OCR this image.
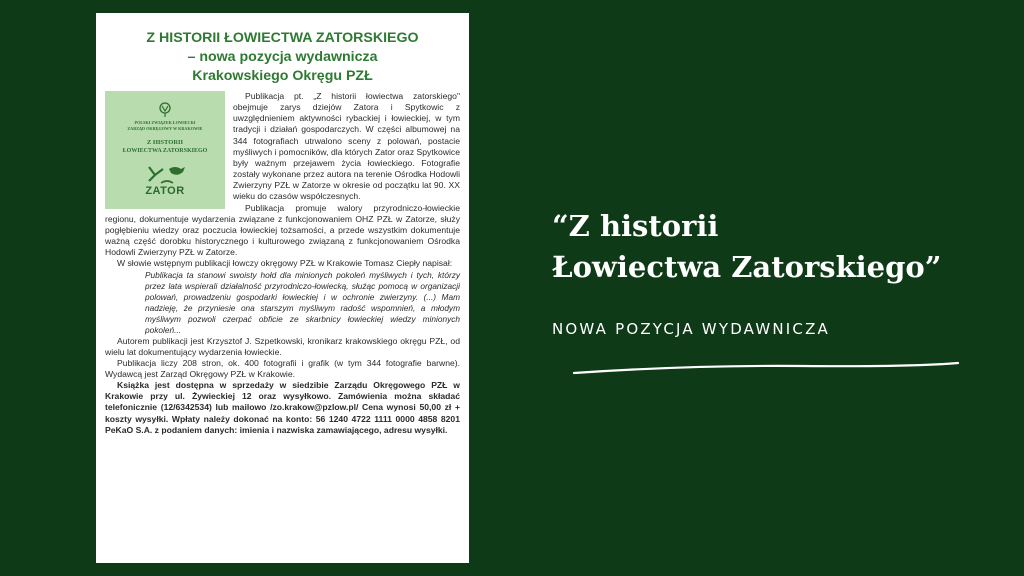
Z HISTORII ŁOWIECTWA ZATORSKIEGO
– nowa pozycja wydawnicza
Krakowskiego Okręgu PZŁ
POLSKI ZWIĄZEK ŁOWIECKI
ZARZĄD OKRĘGOWY W KRAKOWIE
Z HISTORII
ŁOWIECTWA ZATORSKIEGO
ZATOR

Publikacja pt. „Z historii łowiectwa zatorskiego" obejmuje zarys dziejów Zatora i Spytkowic z uwzględnieniem aktywności rybackiej i łowieckiej, w tym tradycji i działań gospodarczych. W części albumowej na 344 fotografiach utrwalono sceny z polowań, postacie myśliwych i pomocników, dla których Zator oraz Spytkowice były ważnym przejawem życia łowieckiego. Fotografie zostały wykonane przez autora na terenie Ośrodka Hodowli Zwierzyny PZŁ w Zatorze w okresie od początku lat 90. XX wieku do czasów współczesnych.

Publikacja promuje walory przyrodniczo-łowieckie regionu, dokumentuje wydarzenia związane z funkcjonowaniem OHZ PZŁ w Zatorze, służy pogłębieniu wiedzy oraz poczucia łowieckiej tożsamości, a przede wszystkim dokumentuje ważną część dorobku historycznego i kulturowego związaną z funkcjonowaniem Ośrodka Hodowli Zwierzyny PZŁ w Zatorze.

W słowie wstępnym publikacji łowczy okręgowy PZŁ w Krakowie Tomasz Ciepły napisał:

Publikacja ta stanowi swoisty hołd dla minionych pokoleń myśliwych i tych, którzy przez lata wspierali działalność przyrodniczo-łowiecką, służąc pomocą w organizacji polowań, prowadzeniu gospodarki łowieckiej i w ochronie zwierzyny. (...) Mam nadzieję, że przyniesie ona starszym myśliwym radość wspomnień, a młodym myśliwym pozwoli czerpać obficie ze skarbnicy łowieckiej wiedzy minionych pokoleń...

Autorem publikacji jest Krzysztof J. Szpetkowski, kronikarz krakowskiego okręgu PZŁ, od wielu lat dokumentujący wydarzenia łowieckie.

Publikacja liczy 208 stron, ok. 400 fotografii i grafik (w tym 344 fotografie barwne). Wydawcą jest Zarząd Okręgowy PZŁ w Krakowie.

Książka jest dostępna w sprzedaży w siedzibie Zarządu Okręgowego PZŁ w Krakowie przy ul. Żywieckiej 12 oraz wysyłkowo. Zamówienia można składać telefonicznie (12/6342534) lub mailowo /zo.krakow@pzlow.pl/ Cena wynosi 50,00 zł + koszty wysyłki. Wpłaty należy dokonać na konto: 56 1240 4722 1111 0000 4858 8201 PeKaO S.A. z podaniem danych: imienia i nazwiska zamawiającego, adresu wysyłki.

“Z historii
Łowiectwa Zatorskiego”
NOWA POZYCJA WYDAWNICZA
